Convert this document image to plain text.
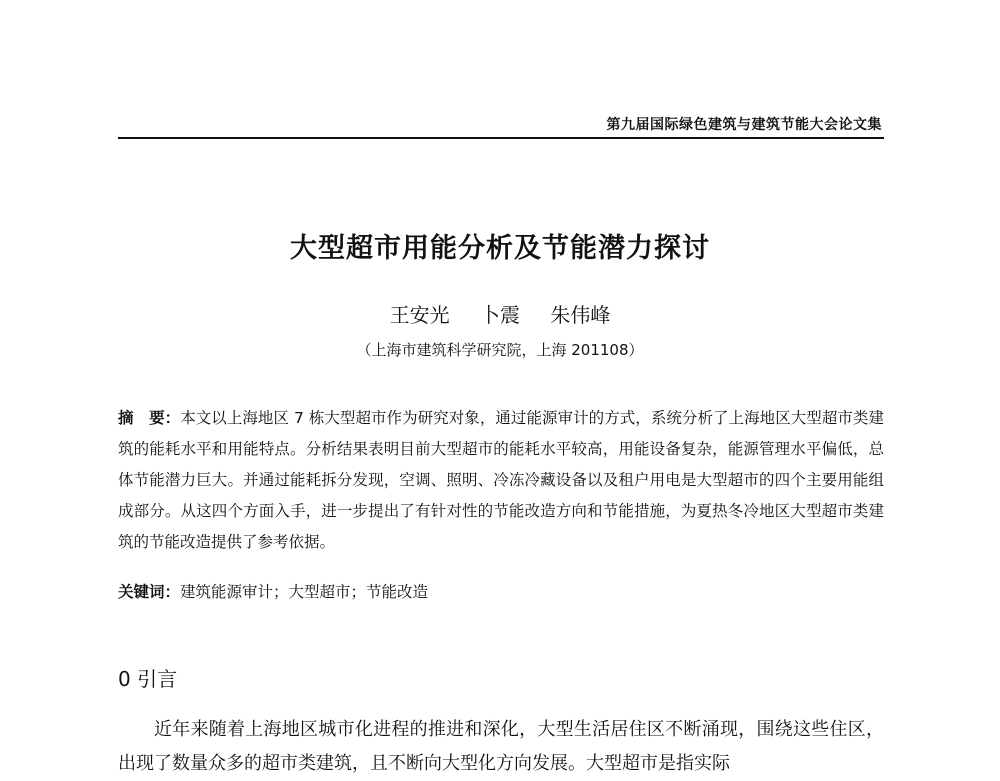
第九届国际绿色建筑与建筑节能大会论文集
大型超市用能分析及节能潜力探讨
王安光 卜震 朱伟峰
（上海市建筑科学研究院，上海 201108）
摘　要：本文以上海地区 7 栋大型超市作为研究对象，通过能源审计的方式，系统分析了上海地区大型超市类建筑的能耗水平和用能特点。分析结果表明目前大型超市的能耗水平较高，用能设备复杂，能源管理水平偏低，总体节能潜力巨大。并通过能耗拆分发现，空调、照明、冷冻冷藏设备以及租户用电是大型超市的四个主要用能组成部分。从这四个方面入手，进一步提出了有针对性的节能改造方向和节能措施，为夏热冬冷地区大型超市类建筑的节能改造提供了参考依据。
关键词：建筑能源审计；大型超市；节能改造
0 引言
近年来随着上海地区城市化进程的推进和深化，大型生活居住区不断涌现，围绕这些住区，出现了数量众多的超市类建筑，且不断向大型化方向发展。大型超市是指实际
